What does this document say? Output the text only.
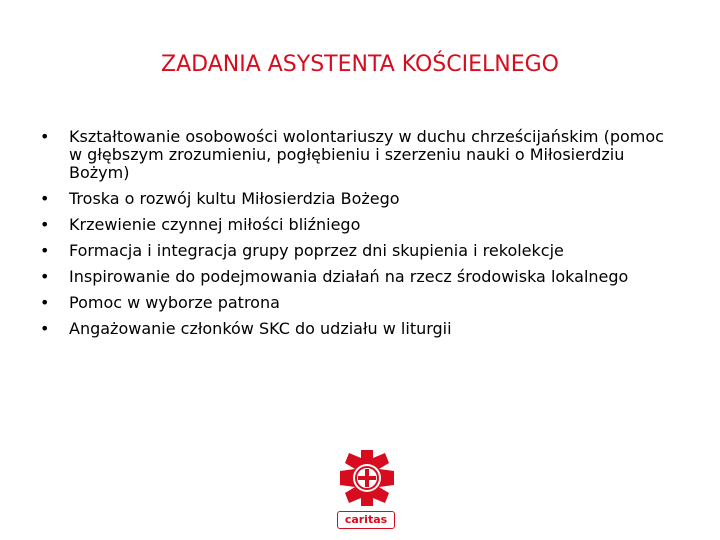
ZADANIA ASYSTENTA KOŚCIELNEGO
• Kształtowanie osobowości wolontariuszy w duchu chrześcijańskim (pomoc w głębszym zrozumieniu, pogłębieniu i szerzeniu nauki o Miłosierdziu Bożym)
• Troska o rozwój kultu Miłosierdzia Bożego
• Krzewienie czynnej miłości bliźniego
• Formacja i integracja grupy poprzez dni skupienia i rekolekcje
• Inspirowanie do podejmowania działań na rzecz środowiska lokalnego
• Pomoc w wyborze patrona
• Angażowanie członków SKC do udziału w liturgii
caritas
